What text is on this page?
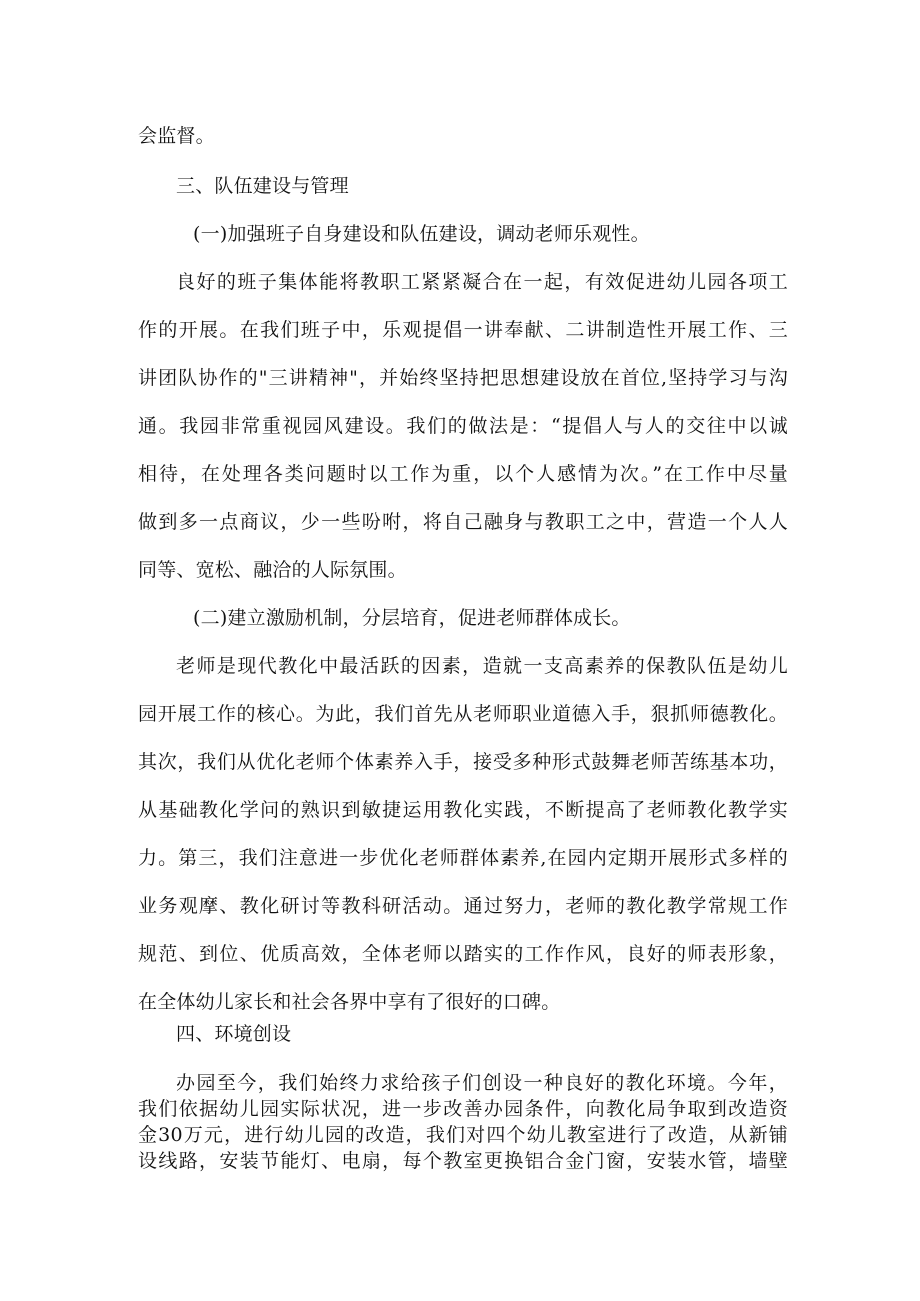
会监督。
三、队伍建设与管理
(一)加强班子自身建设和队伍建设，调动老师乐观性。
良好的班子集体能将教职工紧紧凝合在一起，有效促进幼儿园各项工
作的开展。在我们班子中，乐观提倡一讲奉献、二讲制造性开展工作、三
讲团队协作的"三讲精神"，并始终坚持把思想建设放在首位,坚持学习与沟
通。我园非常重视园风建设。我们的做法是：“提倡人与人的交往中以诚
相待，在处理各类问题时以工作为重，以个人感情为次。”在工作中尽量
做到多一点商议，少一些吩咐，将自己融身与教职工之中，营造一个人人
同等、宽松、融洽的人际氛围。
(二)建立激励机制，分层培育，促进老师群体成长。
老师是现代教化中最活跃的因素，造就一支高素养的保教队伍是幼儿
园开展工作的核心。为此，我们首先从老师职业道德入手，狠抓师德教化。
其次，我们从优化老师个体素养入手，接受多种形式鼓舞老师苦练基本功，
从基础教化学问的熟识到敏捷运用教化实践，不断提高了老师教化教学实
力。第三，我们注意进一步优化老师群体素养,在园内定期开展形式多样的
业务观摩、教化研讨等教科研活动。通过努力，老师的教化教学常规工作
规范、到位、优质高效，全体老师以踏实的工作作风，良好的师表形象，
在全体幼儿家长和社会各界中享有了很好的口碑。
四、环境创设
办园至今，我们始终力求给孩子们创设一种良好的教化环境。今年，
我们依据幼儿园实际状况，进一步改善办园条件，向教化局争取到改造资
金30万元，进行幼儿园的改造，我们对四个幼儿教室进行了改造，从新铺
设线路，安装节能灯、电扇，每个教室更换铝合金门窗，安装水管，墙壁
